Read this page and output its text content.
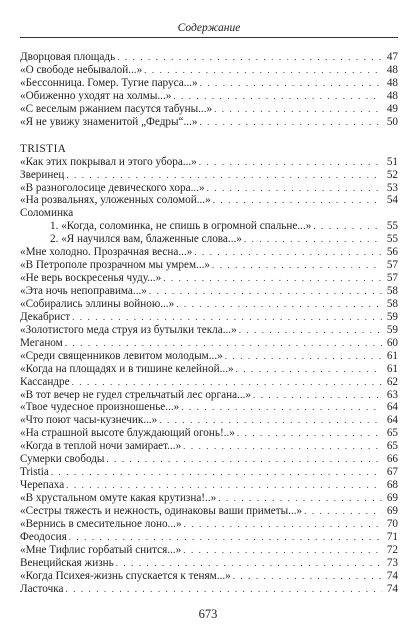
Содержание
Дворцовая площадь . . .	47
«О свободе небывалой...» . . .	48
«Бессонница. Гомер. Тугие паруса...» . . .	48
«Обиженно уходят на холмы...» . . .	48
«С веселым ржанием пасутся табуны...» . . .	49
«Я не увижу знаменитой „Федры“...» . . .	50
TRISTIA
«Как этих покрывал и этого убора...» . . .	51
Зверинец . . .	52
«В разноголосице девического хора...» . . .	53
«На розвальнях, уложенных соломой...» . . .	54
Соломинка
1. «Когда, соломинка, не спишь в огромной спальне...» . . .	55
2. «Я научился вам, блаженные слова...» . . .	55
«Мне холодно. Прозрачная весна...» . . .	56
«В Петрополе прозрачном мы умрем...» . . .	57
«Не верь воскресенья чуду...» . . .	57
«Эта ночь непоправима...» . . .	58
«Собирались эллины войною...» . . .	58
Декабрист . . .	59
«Золотистого меда струя из бутылки текла...» . . .	59
Меганом . . .	60
«Среди священников левитом молодым...» . . .	61
«Когда на площадях и в тишине келейной...» . . .	61
Кассандре . . .	62
«В тот вечер не гудел стрельчатый лес органа...» . . .	63
«Твое чудесное произношенье...» . . .	64
«Что поют часы-кузнечик...» . . .	64
«На страшной высоте блуждающий огонь!..» . . .	65
«Когда в теплой ночи замирает...» . . .	65
Сумерки свободы . . .	66
Tristia . . .	67
Черепаха . . .	68
«В хрустальном омуте какая крутизна!..» . . .	69
«Сестры тяжесть и нежность, одинаковы ваши приметы...» . . .	69
«Вернись в смесительное лоно...» . . .	70
Феодосия . . .	71
«Мне Тифлис горбатый снится...» . . .	72
Венецийская жизнь . . .	73
«Когда Психея-жизнь спускается к теням...» . . .	74
Ласточка . . .	74
673
